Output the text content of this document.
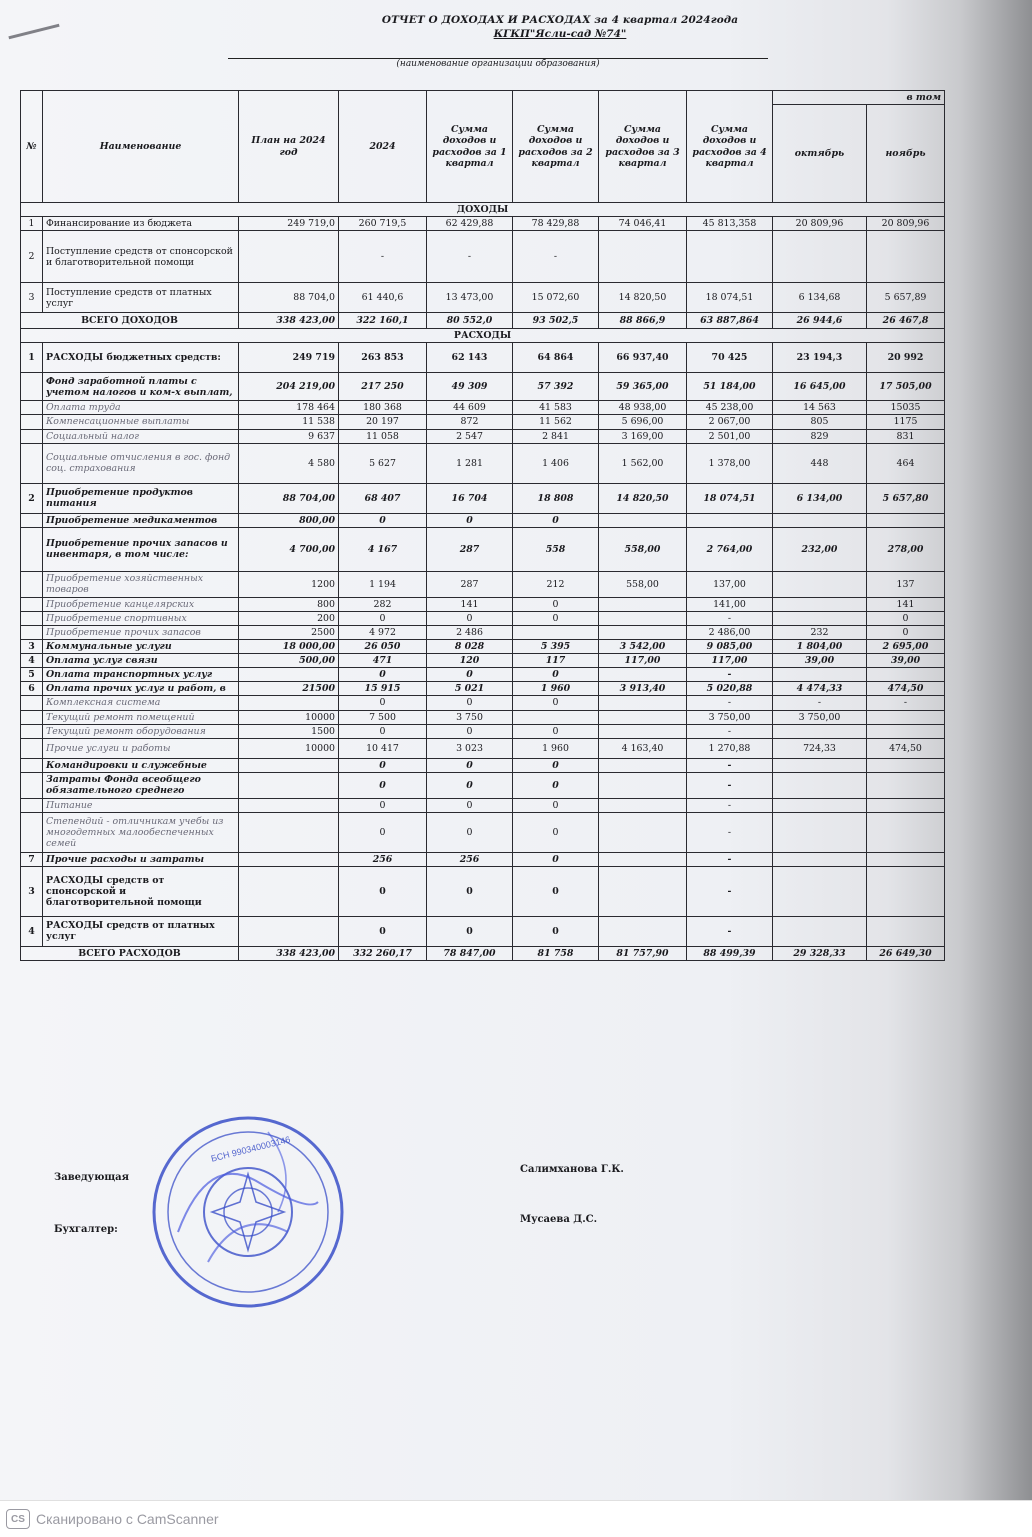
ОТЧЕТ О ДОХОДАХ И РАСХОДАХ за 4 квартал 2024года
КГКП"Ясли-сад №74"
(наименование организации образования)
№	Наименование	План на 2024 год	2024	Сумма доходов и расходов за 1 квартал	Сумма доходов и расходов за 2 квартал	Сумма доходов и расходов за 3 квартал	Сумма доходов и расходов за 4 квартал	в том	
								октябрь	ноябрь
ДОХОДЫ									
1	Финансирование из бюджета	249 719,0	260 719,5	62 429,88	78 429,88	74 046,41	45 813,358	20 809,96	20 809,96
2	Поступление средств от спонсорской и благотворительной помощи		-	-	-				
3	Поступление средств от платных услуг	88 704,0	61 440,6	13 473,00	15 072,60	14 820,50	18 074,51	6 134,68	5 657,89
ВСЕГО ДОХОДОВ		338 423,00	322 160,1	80 552,0	93 502,5	88 866,9	63 887,864	26 944,6	26 467,8
РАСХОДЫ									
1	РАСХОДЫ бюджетных средств:	249 719	263 853	62 143	64 864	66 937,40	70 425	23 194,3	20 992
	Фонд заработной платы с учетом налогов и ком-х выплат,	204 219,00	217 250	49 309	57 392	59 365,00	51 184,00	16 645,00	17 505,00
	Оплата труда	178 464	180 368	44 609	41 583	48 938,00	45 238,00	14 563	15035
	Компенсационные выплаты	11 538	20 197	872	11 562	5 696,00	2 067,00	805	1175
	Социальный налог	9 637	11 058	2 547	2 841	3 169,00	2 501,00	829	831
	Социальные отчисления в гос. фонд соц. страхования	4 580	5 627	1 281	1 406	1 562,00	1 378,00	448	464
2	Приобретение продуктов питания	88 704,00	68 407	16 704	18 808	14 820,50	18 074,51	6 134,00	5 657,80
	Приобретение медикаментов	800,00	0	0	0				
	Приобретение прочих запасов и инвентаря, в том числе:	4 700,00	4 167	287	558	558,00	2 764,00	232,00	278,00
	Приобретение хозяйственных товаров	1200	1 194	287	212	558,00	137,00		137
	Приобретение канцелярских	800	282	141	0		141,00		141
	Приобретение спортивных	200	0	0	0		-		0
	Приобретение прочих запасов	2500	4 972	2 486			2 486,00	232	0
3	Коммунальные услуги	18 000,00	26 050	8 028	5 395	3 542,00	9 085,00	1 804,00	2 695,00
4	Оплата услуг связи	500,00	471	120	117	117,00	117,00	39,00	39,00
5	Оплата транспортных услуг		0	0	0		-		
6	Оплата прочих услуг и работ, в	21500	15 915	5 021	1 960	3 913,40	5 020,88	4 474,33	474,50
	Комплексная система		0	0	0		-	-	-
	Текущий ремонт помещений	10000	7 500	3 750			3 750,00	3 750,00	
	Текущий ремонт оборудования	1500	0	0	0		-		
	Прочие услуги и работы	10000	10 417	3 023	1 960	4 163,40	1 270,88	724,33	474,50
	Командировки и служебные		0	0	0		-		
	Затраты Фонда всеобщего обязательного среднего		0	0	0		-		
	Питание		0	0	0		-		
	Степендий - отличникам учебы из многодетных малообеспеченных семей		0	0	0		-		
7	Прочие расходы и затраты		256	256	0		-		
3	РАСХОДЫ средств от спонсорской и благотворительной помощи		0	0	0		-		
4	РАСХОДЫ средств от платных услуг		0	0	0		-		
ВСЕГО РАСХОДОВ		338 423,00	332 260,17	78 847,00	81 758	81 757,90	88 499,39	29 328,33	26 649,30
БСН 990340003146
Заведующая
Салимханова Г.К.
Бухгалтер:
Мусаева Д.С.
CS Сканировано с CamScanner
